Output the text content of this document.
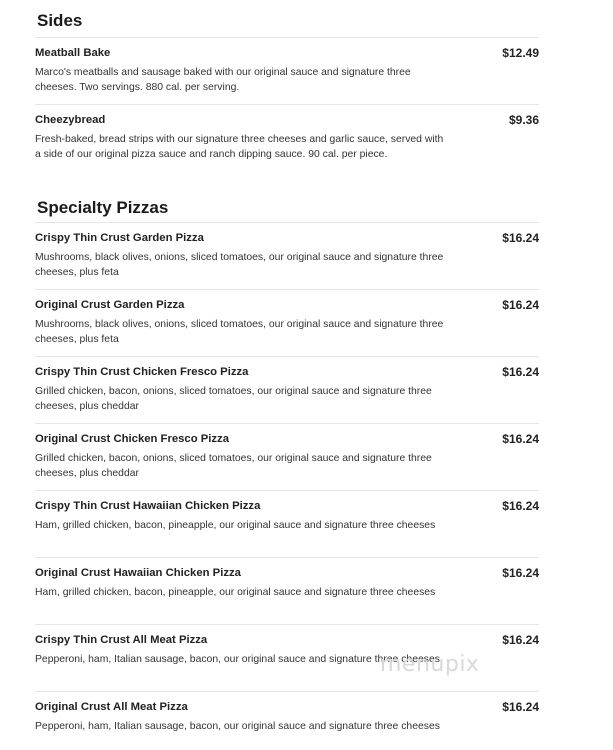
Sides
Meatball Bake	$12.49
Marco's meatballs and sausage baked with our original sauce and signature three cheeses. Two servings. 880 cal. per serving.
Cheezybread	$9.36
Fresh-baked, bread strips with our signature three cheeses and garlic sauce, served with a side of our original pizza sauce and ranch dipping sauce. 90 cal. per piece.
Specialty Pizzas
Crispy Thin Crust Garden Pizza	$16.24
Mushrooms, black olives, onions, sliced tomatoes, our original sauce and signature three cheeses, plus feta
Original Crust Garden Pizza	$16.24
Mushrooms, black olives, onions, sliced tomatoes, our original sauce and signature three cheeses, plus feta
Crispy Thin Crust Chicken Fresco Pizza	$16.24
Grilled chicken, bacon, onions, sliced tomatoes, our original sauce and signature three cheeses, plus cheddar
Original Crust Chicken Fresco Pizza	$16.24
Grilled chicken, bacon, onions, sliced tomatoes, our original sauce and signature three cheeses, plus cheddar
Crispy Thin Crust Hawaiian Chicken Pizza	$16.24
Ham, grilled chicken, bacon, pineapple, our original sauce and signature three cheeses
Original Crust Hawaiian Chicken Pizza	$16.24
Ham, grilled chicken, bacon, pineapple, our original sauce and signature three cheeses
Crispy Thin Crust All Meat Pizza	$16.24
Pepperoni, ham, Italian sausage, bacon, our original sauce and signature three cheeses
Original Crust All Meat Pizza	$16.24
Pepperoni, ham, Italian sausage, bacon, our original sauce and signature three cheeses
menupix
